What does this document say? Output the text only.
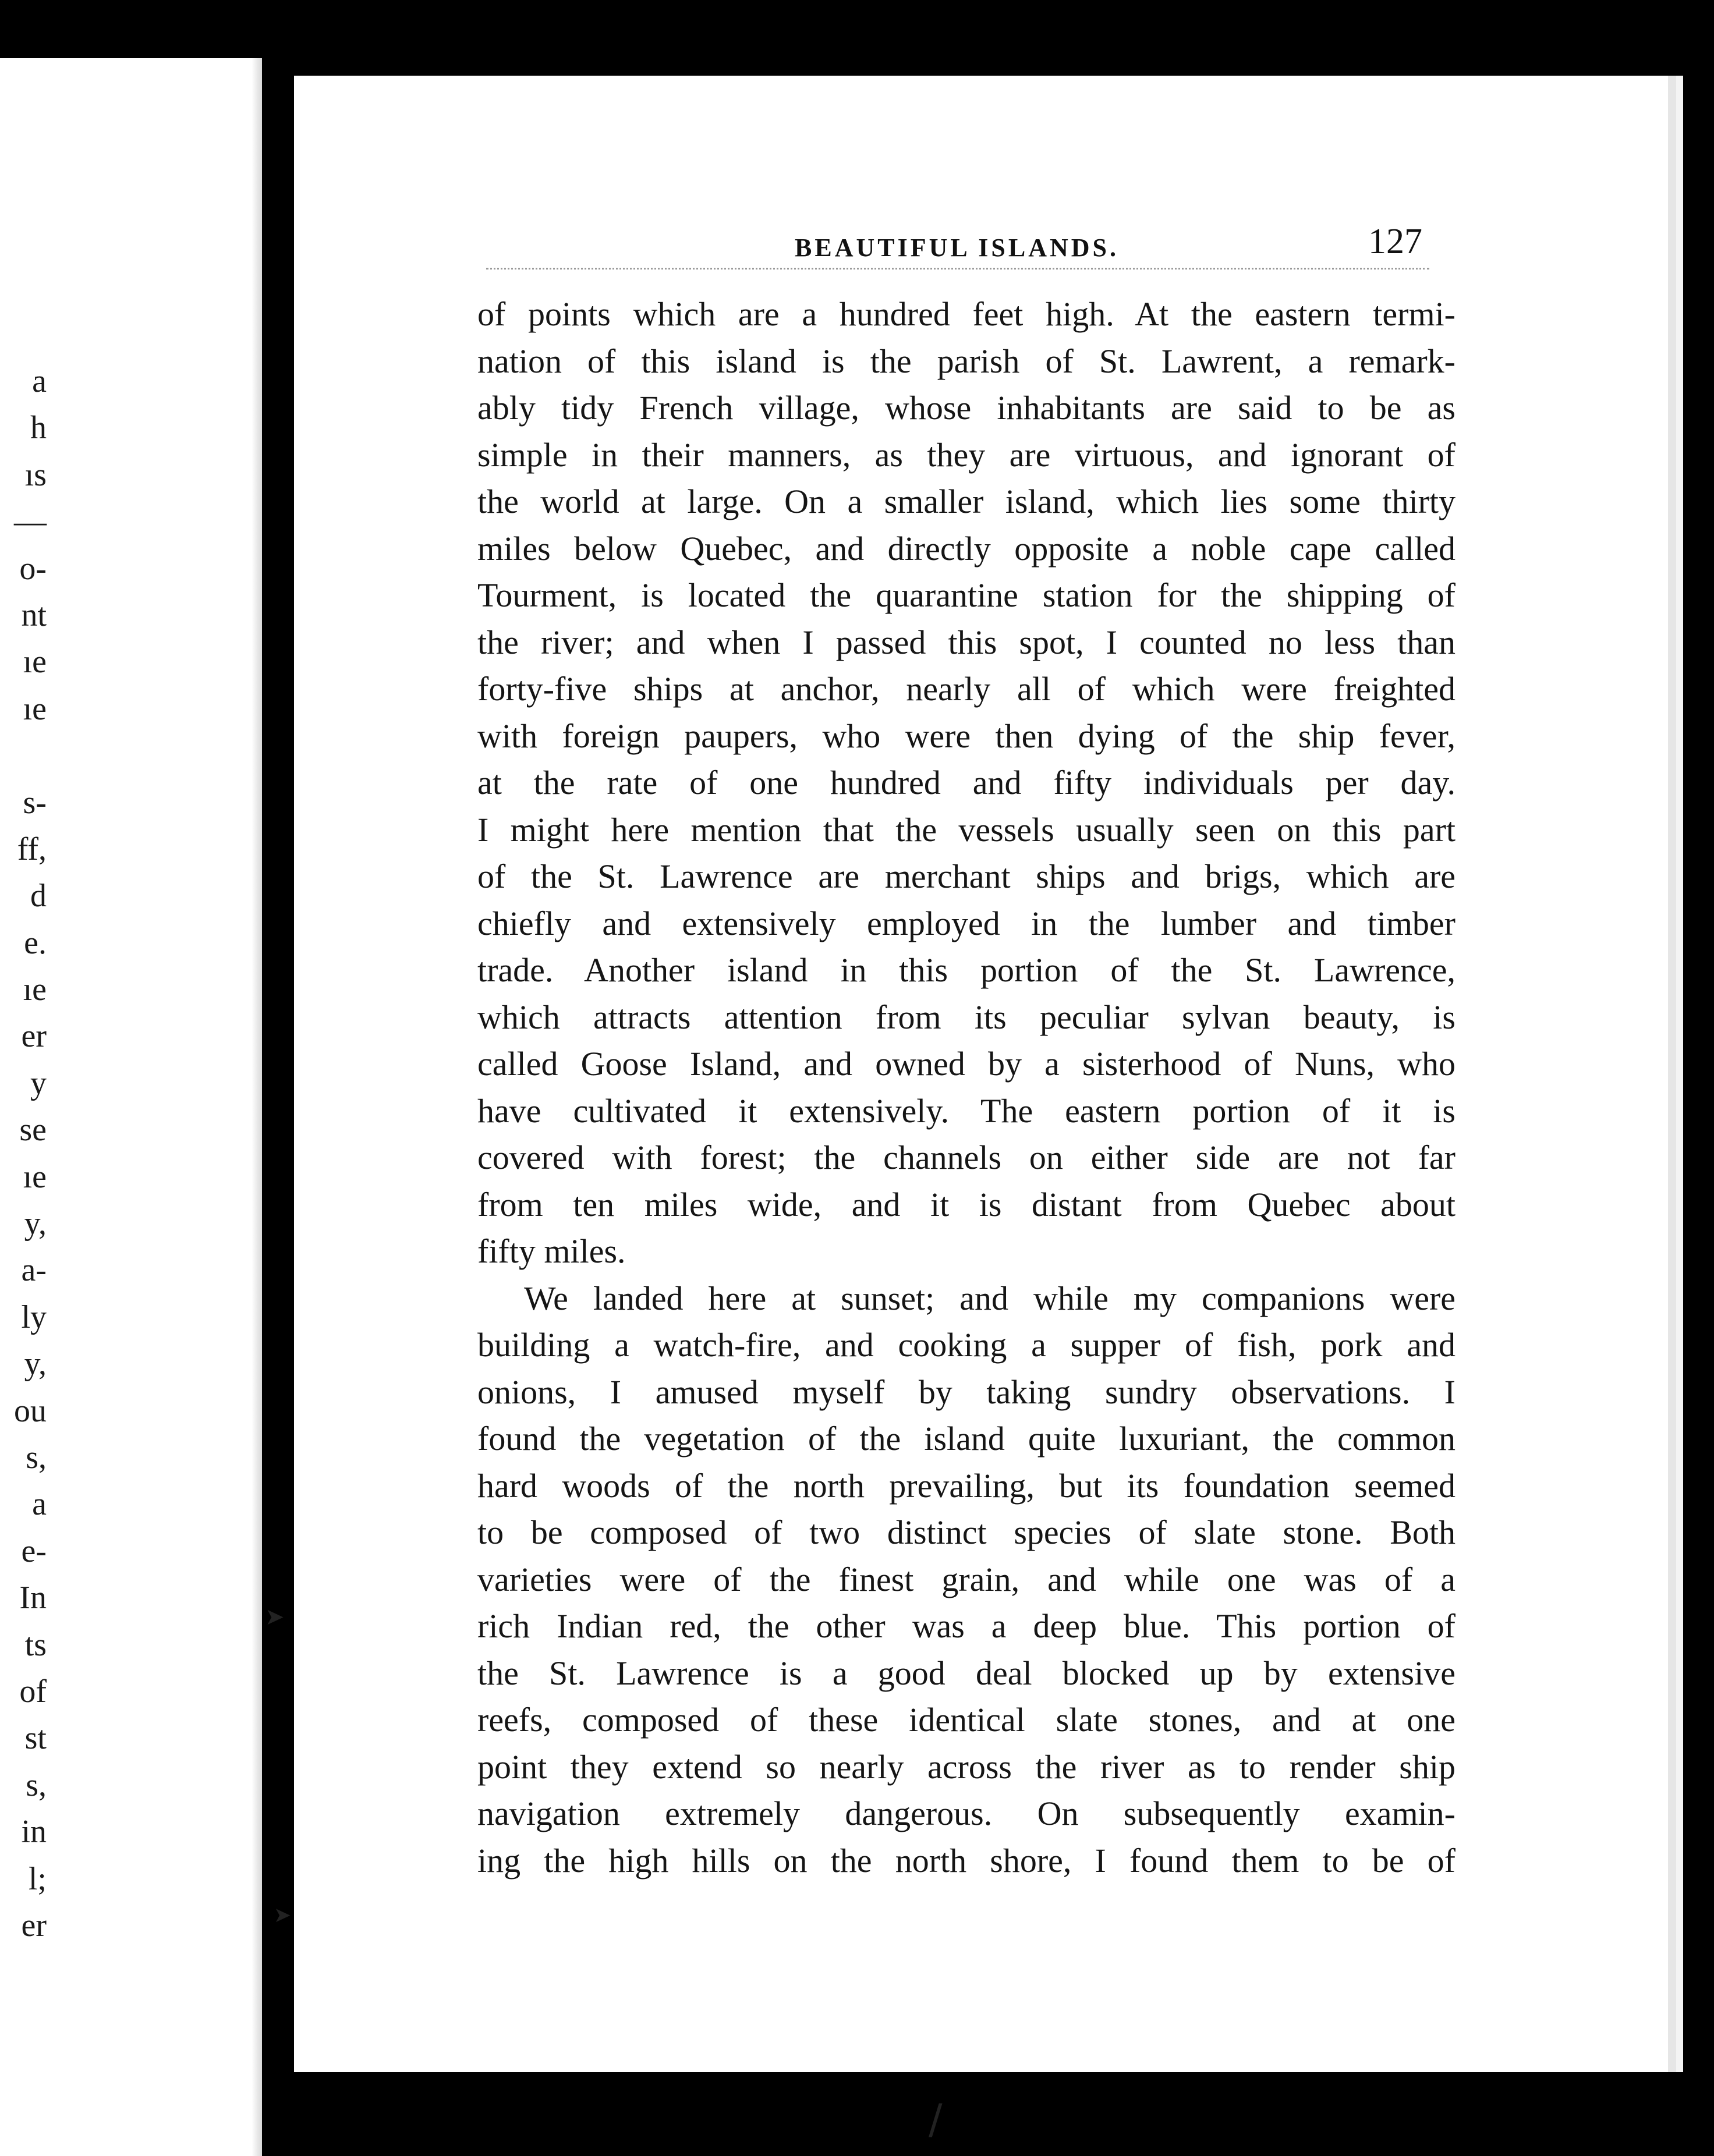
a
h
ıs
—
o-
nt
ıe
ıe
s-
ff,
d
e.
ıe
er
y
se
ıe
y,
a-
ly
y,
ou
s,
a
e-
In
ts
of
st
s,
in
l;
er
➤
➤
BEAUTIFUL ISLANDS.	127
of points which are a hundred feet high. At the eastern termi-
nation of this island is the parish of St. Lawrent, a remark-
ably tidy French village, whose inhabitants are said to be as
simple in their manners, as they are virtuous, and ignorant of
the world at large. On a smaller island, which lies some thirty
miles below Quebec, and directly opposite a noble cape called
Tourment, is located the quarantine station for the shipping of
the river; and when I passed this spot, I counted no less than
forty-five ships at anchor, nearly all of which were freighted
with foreign paupers, who were then dying of the ship fever,
at the rate of one hundred and fifty individuals per day.
I might here mention that the vessels usually seen on this part
of the St. Lawrence are merchant ships and brigs, which are
chiefly and extensively employed in the lumber and timber
trade. Another island in this portion of the St. Lawrence,
which attracts attention from its peculiar sylvan beauty, is
called Goose Island, and owned by a sisterhood of Nuns, who
have cultivated it extensively. The eastern portion of it is
covered with forest; the channels on either side are not far
from ten miles wide, and it is distant from Quebec about
fifty miles.
We landed here at sunset; and while my companions were
building a watch-fire, and cooking a supper of fish, pork and
onions, I amused myself by taking sundry observations. I
found the vegetation of the island quite luxuriant, the common
hard woods of the north prevailing, but its foundation seemed
to be composed of two distinct species of slate stone. Both
varieties were of the finest grain, and while one was of a
rich Indian red, the other was a deep blue. This portion of
the St. Lawrence is a good deal blocked up by extensive
reefs, composed of these identical slate stones, and at one
point they extend so nearly across the river as to render ship
navigation extremely dangerous. On subsequently examin-
ing the high hills on the north shore, I found them to be of
/
